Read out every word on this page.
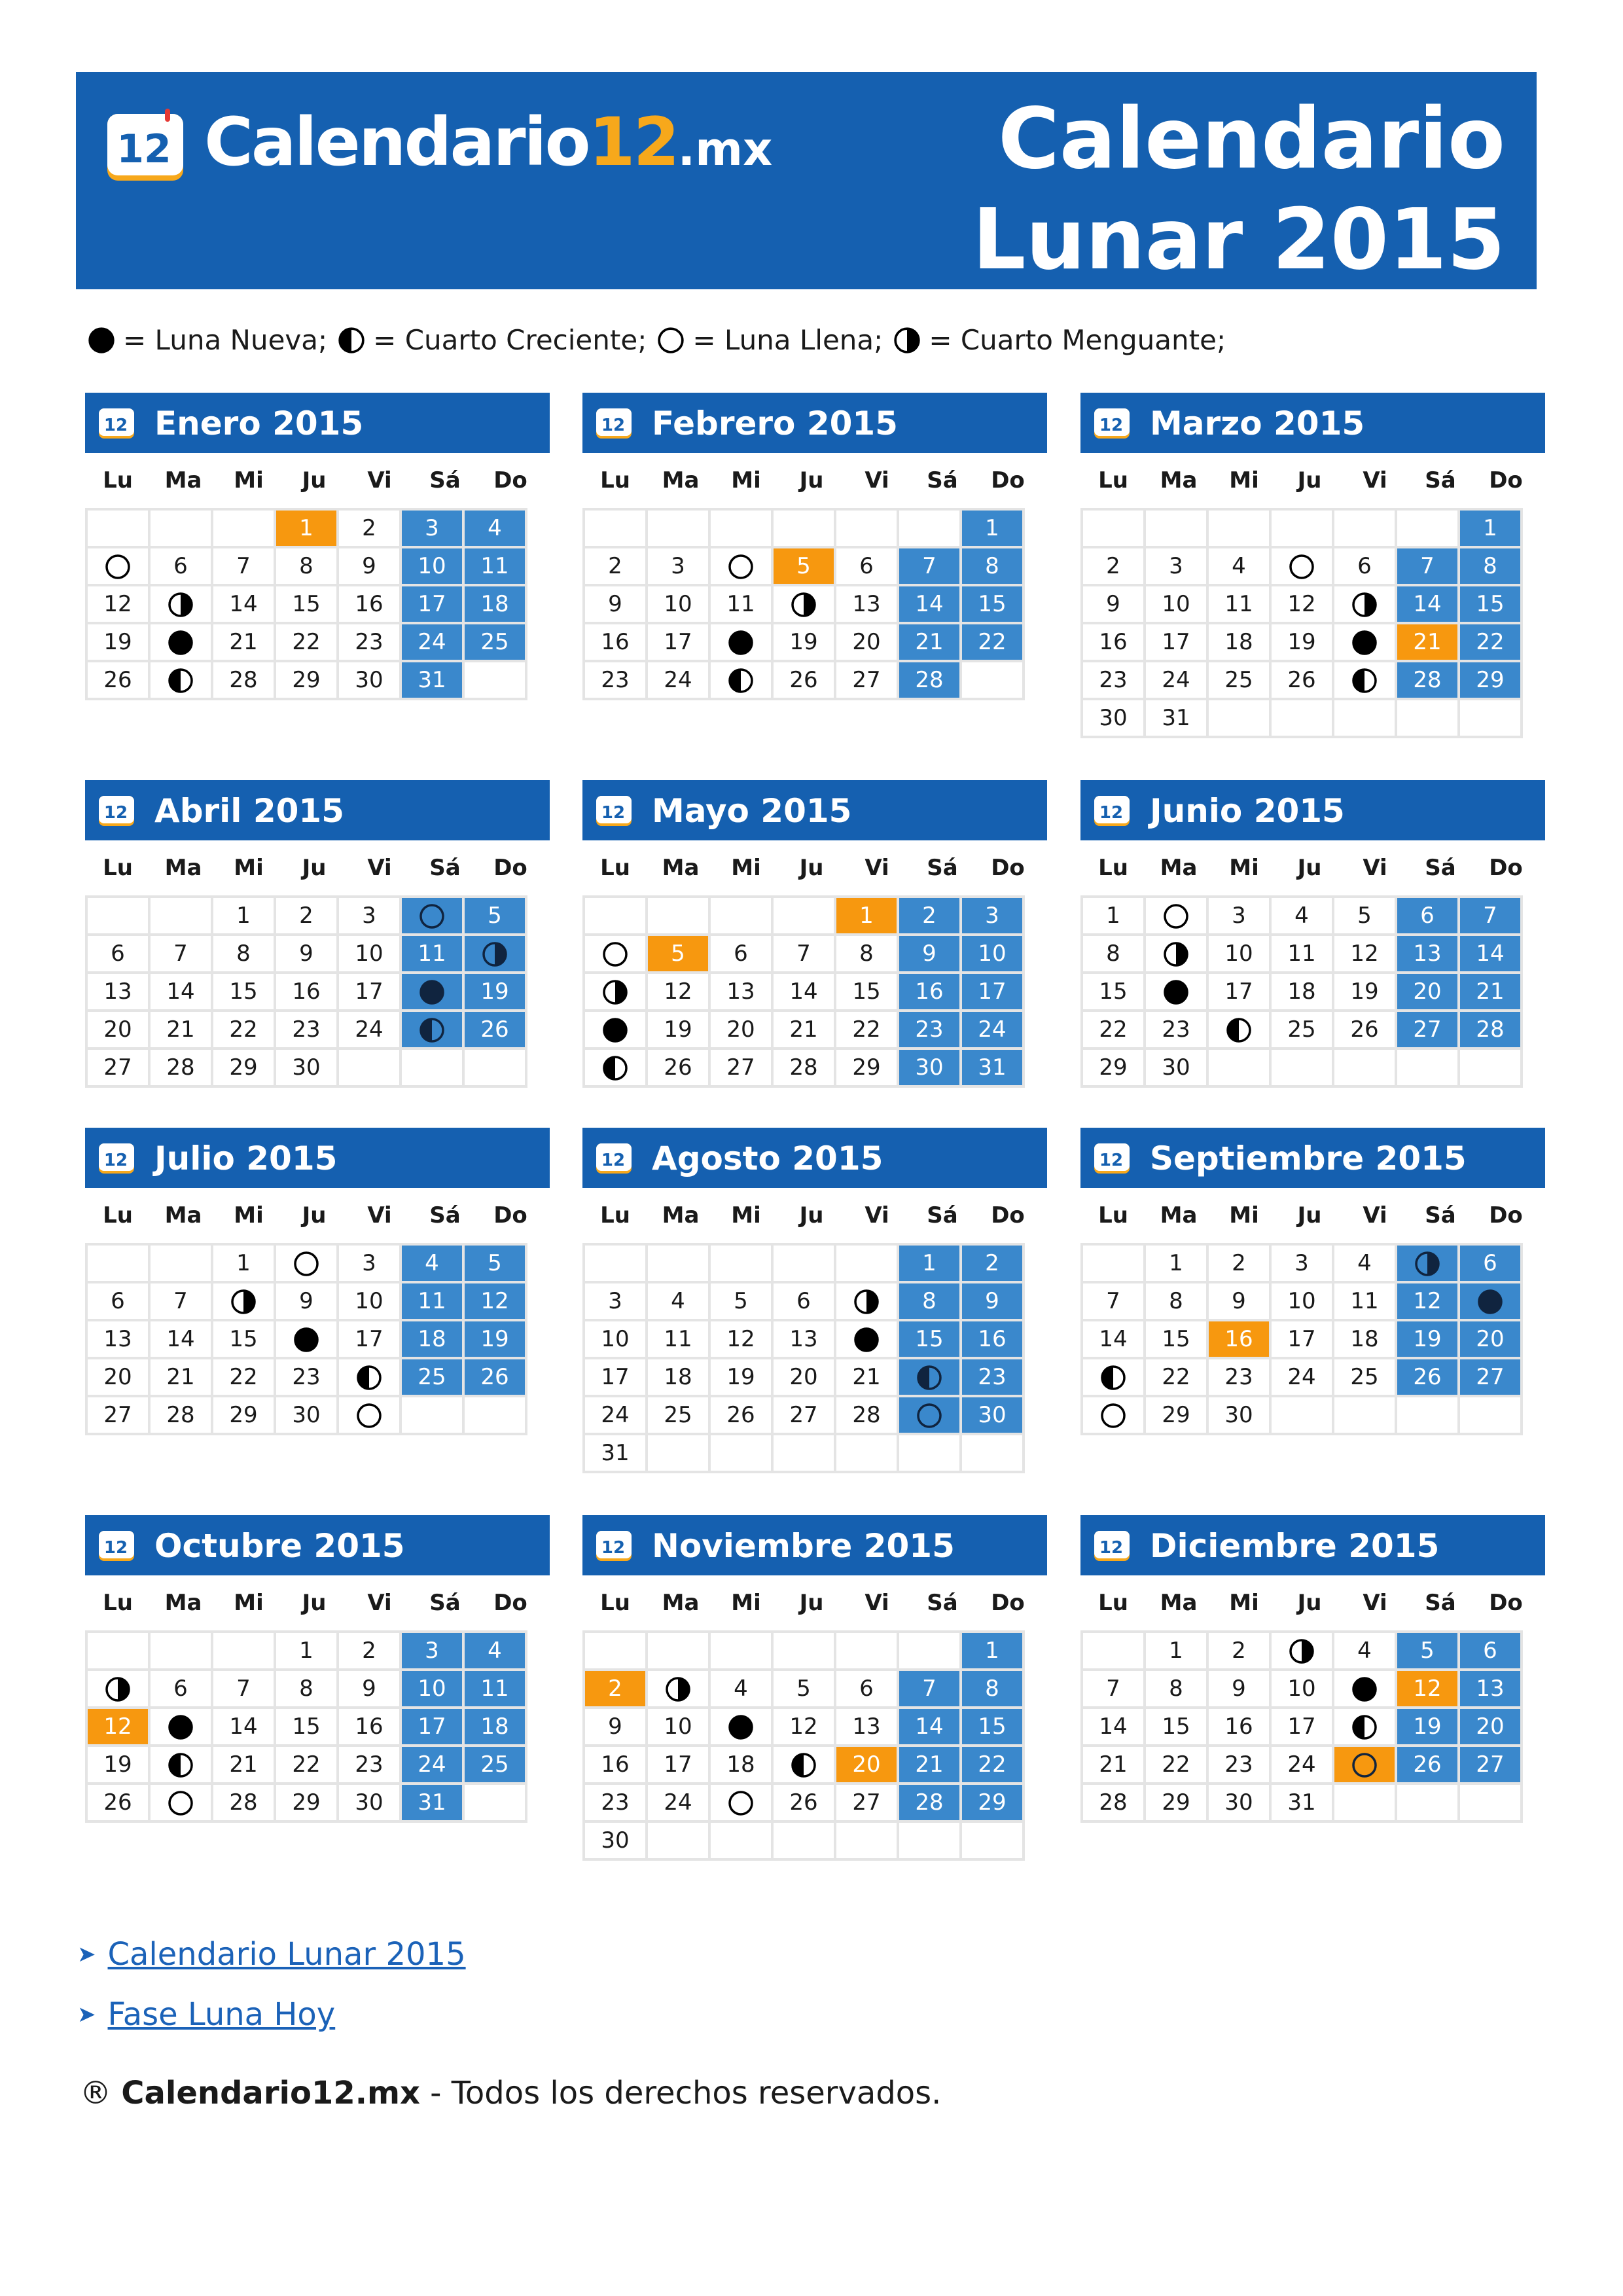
12 Calendario12.mx	Calendario
Lunar 2015
= Luna Nueva; = Cuarto Creciente; = Luna Llena; = Cuarto Menguante;
12 Enero 2015
Lu	Ma	Mi	Ju	Vi	Sá	Do
			1	2	3	4
	6	7	8	9	10	11
12		14	15	16	17	18
19		21	22	23	24	25
26		28	29	30	31	
12 Febrero 2015
Lu	Ma	Mi	Ju	Vi	Sá	Do
						1
2	3		5	6	7	8
9	10	11		13	14	15
16	17		19	20	21	22
23	24		26	27	28	
12 Marzo 2015
Lu	Ma	Mi	Ju	Vi	Sá	Do
						1
2	3	4		6	7	8
9	10	11	12		14	15
16	17	18	19		21	22
23	24	25	26		28	29
30	31					
12 Abril 2015
Lu	Ma	Mi	Ju	Vi	Sá	Do
		1	2	3		5
6	7	8	9	10	11	
13	14	15	16	17		19
20	21	22	23	24		26
27	28	29	30			
12 Mayo 2015
Lu	Ma	Mi	Ju	Vi	Sá	Do
				1	2	3
	5	6	7	8	9	10
	12	13	14	15	16	17
	19	20	21	22	23	24
	26	27	28	29	30	31
12 Junio 2015
Lu	Ma	Mi	Ju	Vi	Sá	Do
1		3	4	5	6	7
8		10	11	12	13	14
15		17	18	19	20	21
22	23		25	26	27	28
29	30					
12 Julio 2015
Lu	Ma	Mi	Ju	Vi	Sá	Do
		1		3	4	5
6	7		9	10	11	12
13	14	15		17	18	19
20	21	22	23		25	26
27	28	29	30			
12 Agosto 2015
Lu	Ma	Mi	Ju	Vi	Sá	Do
					1	2
3	4	5	6		8	9
10	11	12	13		15	16
17	18	19	20	21		23
24	25	26	27	28		30
31						
12 Septiembre 2015
Lu	Ma	Mi	Ju	Vi	Sá	Do
	1	2	3	4		6
7	8	9	10	11	12	
14	15	16	17	18	19	20
	22	23	24	25	26	27
	29	30				
12 Octubre 2015
Lu	Ma	Mi	Ju	Vi	Sá	Do
			1	2	3	4
	6	7	8	9	10	11
12		14	15	16	17	18
19		21	22	23	24	25
26		28	29	30	31	
12 Noviembre 2015
Lu	Ma	Mi	Ju	Vi	Sá	Do
						1
2		4	5	6	7	8
9	10		12	13	14	15
16	17	18		20	21	22
23	24		26	27	28	29
30						
12 Diciembre 2015
Lu	Ma	Mi	Ju	Vi	Sá	Do
	1	2		4	5	6
7	8	9	10		12	13
14	15	16	17		19	20
21	22	23	24		26	27
28	29	30	31			
➤ Calendario Lunar 2015
➤ Fase Luna Hoy
® Calendario12.mx - Todos los derechos reservados.
